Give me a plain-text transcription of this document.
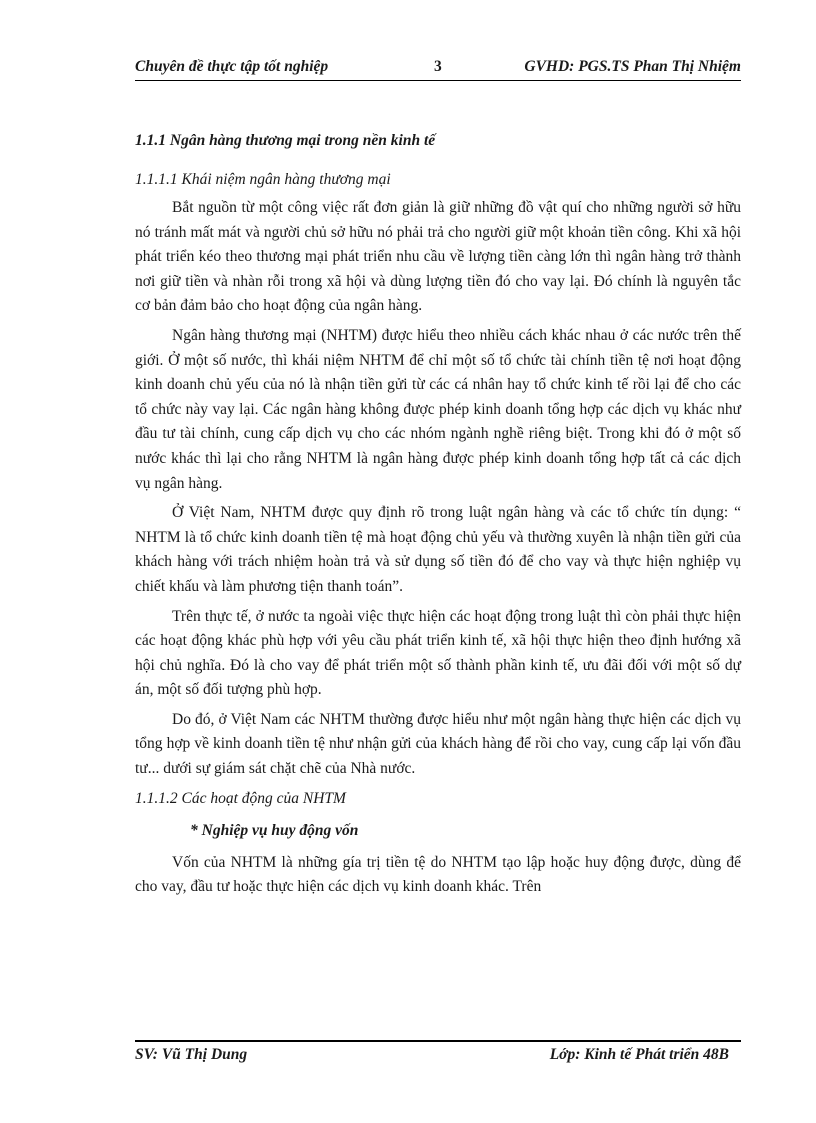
Chuyên đề thực tập tốt nghiệp	3	GVHD: PGS.TS Phan Thị Nhiệm
1.1.1 Ngân hàng thương mại trong nền kinh tế
1.1.1.1 Khái niệm ngân hàng thương mại

Bắt nguồn từ một công việc rất đơn giản là giữ những đồ vật quí cho những người sở hữu nó tránh mất mát và người chủ sở hữu nó phải trả cho người giữ một khoản tiền công. Khi xã hội phát triển kéo theo thương mại phát triển nhu cầu về lượng tiền càng lớn thì ngân hàng trở thành nơi giữ tiền và nhàn rỗi trong xã hội và dùng lượng tiền đó cho vay lại. Đó chính là nguyên tắc cơ bản đảm bảo cho hoạt động của ngân hàng.

Ngân hàng thương mại (NHTM) được hiểu theo nhiều cách khác nhau ở các nước trên thế giới. Ở một số nước, thì khái niệm NHTM để chỉ một số tổ chức tài chính tiền tệ nơi hoạt động kinh doanh chủ yếu của nó là nhận tiền gửi từ các cá nhân hay tổ chức kinh tế rồi lại để cho các tổ chức này vay lại. Các ngân hàng không được phép kinh doanh tổng hợp các dịch vụ khác như đầu tư tài chính, cung cấp dịch vụ cho các nhóm ngành nghề riêng biệt. Trong khi đó ở một số nước khác thì lại cho rằng NHTM là ngân hàng được phép kinh doanh tổng hợp tất cả các dịch vụ ngân hàng.

Ở Việt Nam, NHTM được quy định rõ trong luật ngân hàng và các tổ chức tín dụng: “ NHTM là tổ chức kinh doanh tiền tệ mà hoạt động chủ yếu và thường xuyên là nhận tiền gửi của khách hàng với trách nhiệm hoàn trả và sử dụng số tiền đó để cho vay và thực hiện nghiệp vụ chiết khấu và làm phương tiện thanh toán”.

Trên thực tế, ở nước ta ngoài việc thực hiện các hoạt động trong luật thì còn phải thực hiện các hoạt động khác phù hợp với yêu cầu phát triển kinh tế, xã hội thực hiện theo định hướng xã hội chủ nghĩa. Đó là cho vay để phát triển một số thành phần kinh tế, ưu đãi đối với một số dự án, một số đối tượng phù hợp.

Do đó, ở Việt Nam các NHTM thường được hiểu như một ngân hàng thực hiện các dịch vụ tổng hợp về kinh doanh tiền tệ như nhận gửi của khách hàng để rồi cho vay, cung cấp lại vốn đầu tư... dưới sự giám sát chặt chẽ của Nhà nước.

1.1.1.2 Các hoạt động của NHTM
* Nghiệp vụ huy động vốn

Vốn của NHTM là những gía trị tiền tệ do NHTM tạo lập hoặc huy động được, dùng để cho vay, đầu tư hoặc thực hiện các dịch vụ kinh doanh khác. Trên

SV: Vũ Thị Dung	Lớp: Kinh tế Phát triển 48B
